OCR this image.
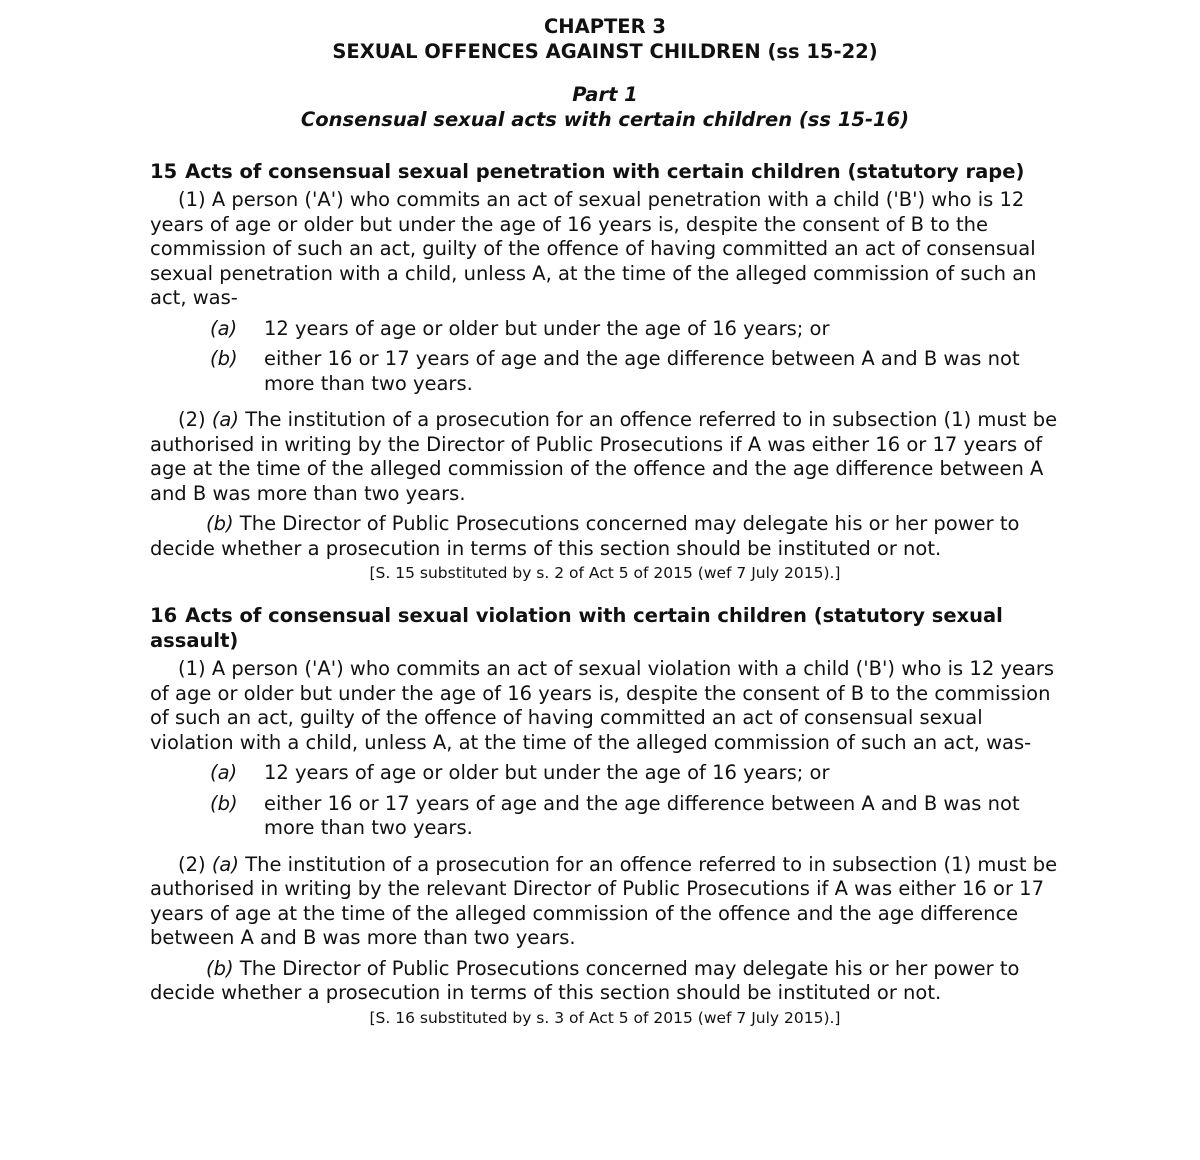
CHAPTER 3
SEXUAL OFFENCES AGAINST CHILDREN (ss 15-22)
Part 1
Consensual sexual acts with certain children (ss 15-16)
15 Acts of consensual sexual penetration with certain children (statutory rape)

(1) A person ('A') who commits an act of sexual penetration with a child ('B') who is 12 years of age or older but under the age of 16 years is, despite the consent of B to the commission of such an act, guilty of the offence of having committed an act of consensual sexual penetration with a child, unless A, at the time of the alleged commission of such an act, was-

(a)	12 years of age or older but under the age of 16 years; or
(b)	either 16 or 17 years of age and the age difference between A and B was not more than two years.

(2) (a) The institution of a prosecution for an offence referred to in subsection (1) must be authorised in writing by the Director of Public Prosecutions if A was either 16 or 17 years of age at the time of the alleged commission of the offence and the age difference between A and B was more than two years.

(b) The Director of Public Prosecutions concerned may delegate his or her power to decide whether a prosecution in terms of this section should be instituted or not.

[S. 15 substituted by s. 2 of Act 5 of 2015 (wef 7 July 2015).]
16 Acts of consensual sexual violation with certain children (statutory sexual assault)

(1) A person ('A') who commits an act of sexual violation with a child ('B') who is 12 years of age or older but under the age of 16 years is, despite the consent of B to the commission of such an act, guilty of the offence of having committed an act of consensual sexual violation with a child, unless A, at the time of the alleged commission of such an act, was-

(a)	12 years of age or older but under the age of 16 years; or
(b)	either 16 or 17 years of age and the age difference between A and B was not more than two years.

(2) (a) The institution of a prosecution for an offence referred to in subsection (1) must be authorised in writing by the relevant Director of Public Prosecutions if A was either 16 or 17 years of age at the time of the alleged commission of the offence and the age difference between A and B was more than two years.

(b) The Director of Public Prosecutions concerned may delegate his or her power to decide whether a prosecution in terms of this section should be instituted or not.

[S. 16 substituted by s. 3 of Act 5 of 2015 (wef 7 July 2015).]
